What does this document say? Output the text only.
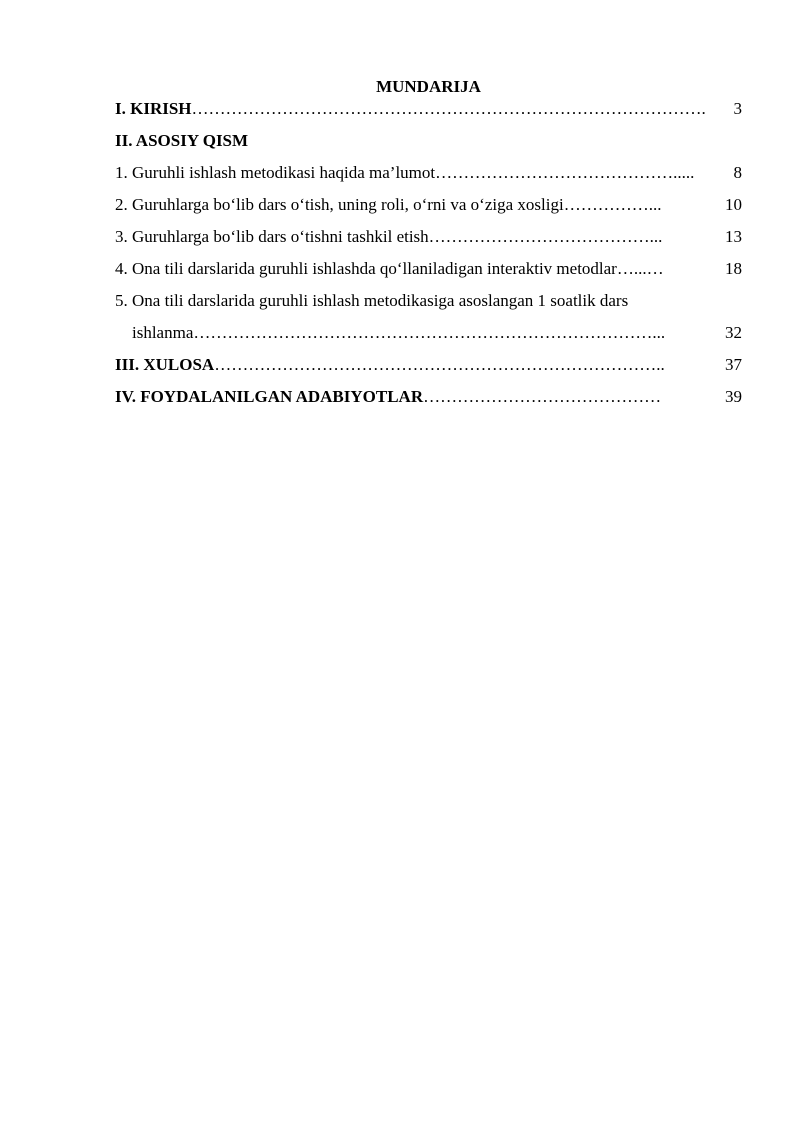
MUNDARIJA
I. KIRISH ……………………………………………………………………………….	3
II. ASOSIY QISM
1. Guruhli ishlash metodikasi haqida ma’lumot …………………………………….....	8
2. Guruhlarga bo‘lib dars o‘tish, uning roli, o‘rni va o‘ziga xosligi ……………...	10
3. Guruhlarga bo‘lib dars o‘tishni tashkil etish …………………………………...	13
4. Ona tili darslarida guruhli ishlashda qo‘llaniladigan interaktiv metodlar …...…	18
5. Ona tili darslarida guruhli ishlash metodikasiga asoslangan 1 soatlik dars
ishlanma ………………………………………………………………………...	32
III. XULOSA ……………………………………………………………………..	37
IV. FOYDALANILGAN ADABIYOTLAR ……………………………………	39
